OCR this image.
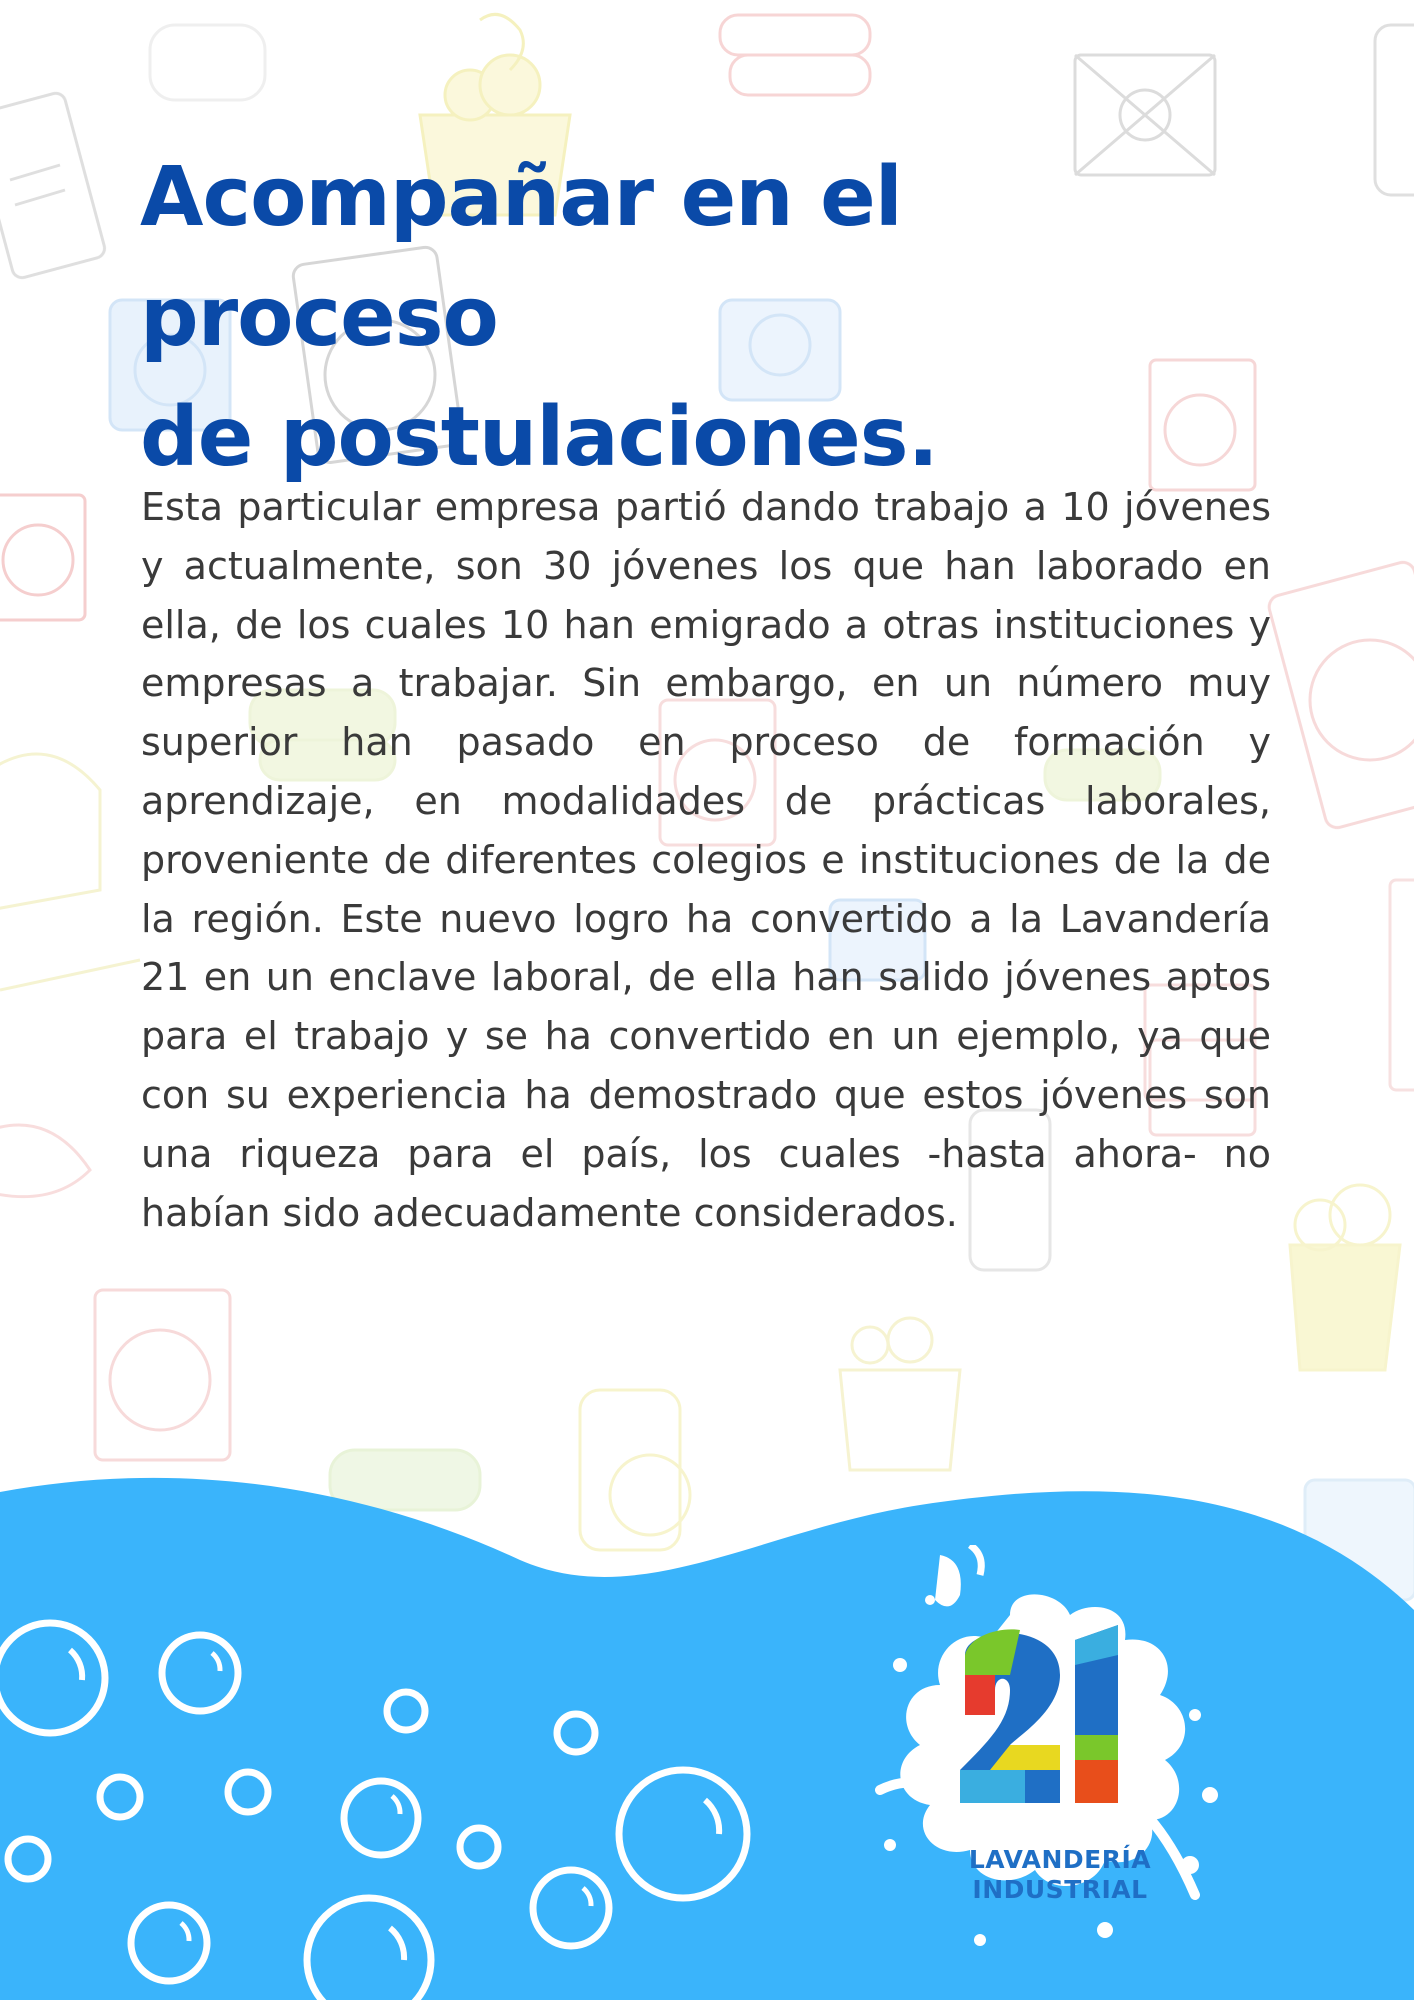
Acompañar en el proceso
de postulaciones.

Esta particular empresa partió dando trabajo a 10 jóvenes y actualmente, son 30 jóvenes los que han laborado en ella, de los cuales 10 han emigrado a otras instituciones y empresas a trabajar. Sin embargo, en un número muy superior han pasado en proceso de formación y aprendizaje, en modalidades de prácticas laborales, proveniente de diferentes colegios e instituciones de la de la región. Este nuevo logro ha convertido a la Lavandería 21 en un enclave laboral, de ella han salido jóvenes aptos para el trabajo y se ha convertido en un ejemplo, ya que con su experiencia ha demostrado que estos jóvenes son una riqueza para el país, los cuales -hasta ahora- no habían sido adecuadamente considerados.

LAVANDERÍA
INDUSTRIAL
